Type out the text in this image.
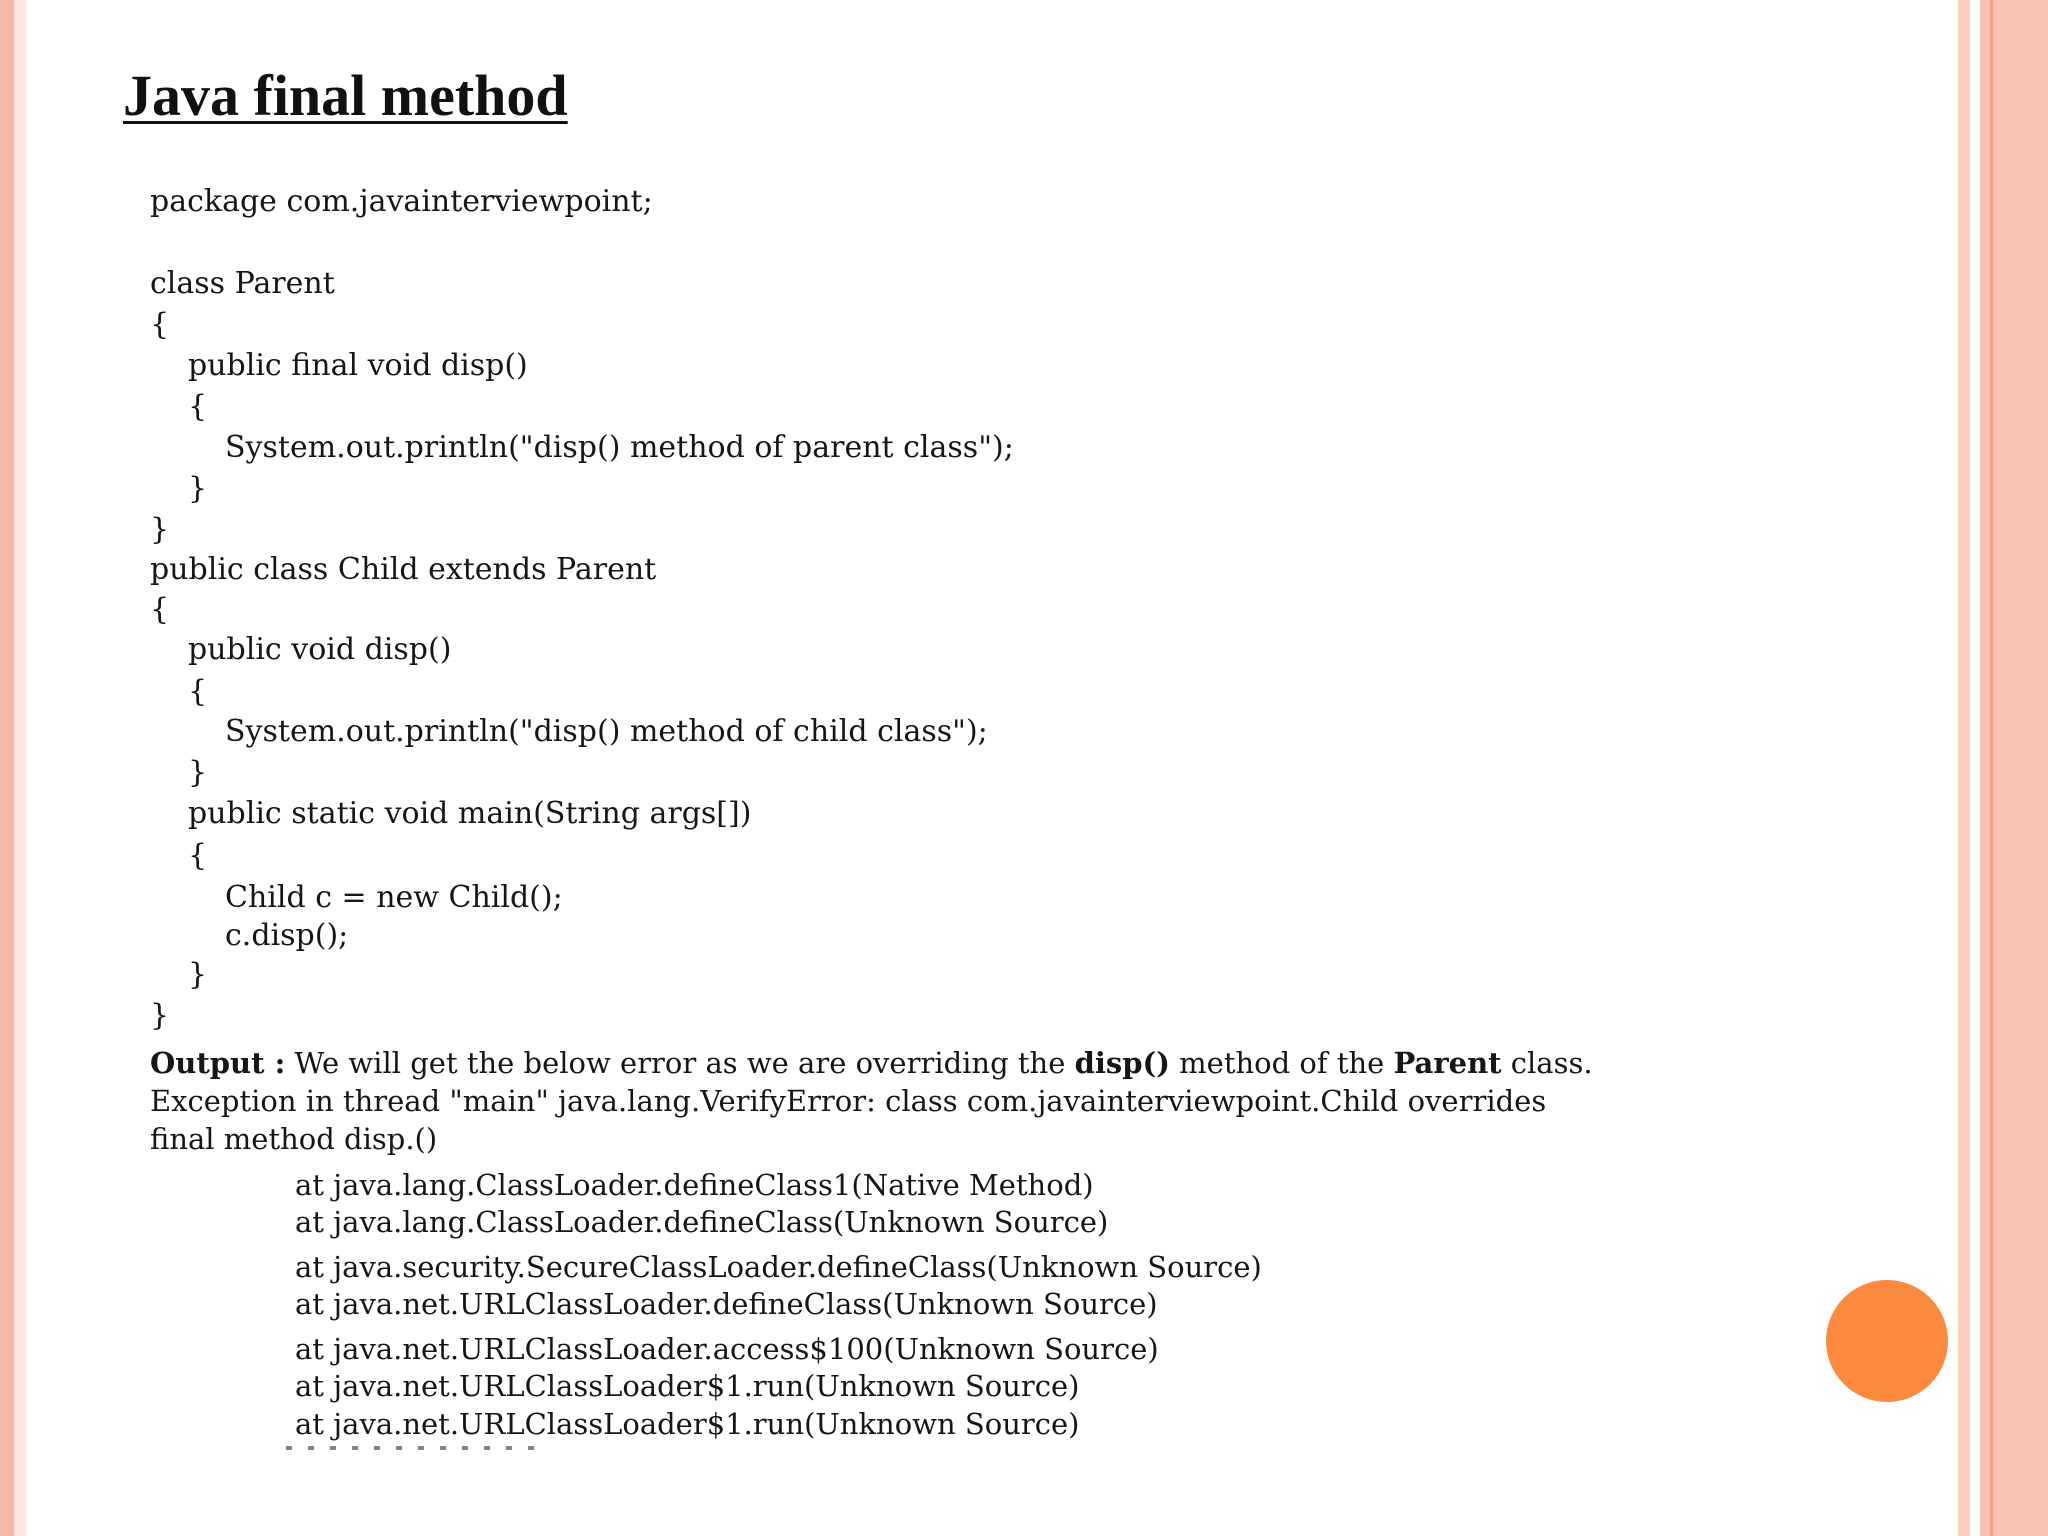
Java final method
package com.javainterviewpoint;
class Parent
{
public final void disp()
{
System.out.println("disp() method of parent class");
}
}
public class Child extends Parent
{
public void disp()
{
System.out.println("disp() method of child class");
}
public static void main(String args[])
{
Child c = new Child();
c.disp();
}
}
Output : We will get the below error as we are overriding the disp() method of the Parent class.
Exception in thread "main" java.lang.VerifyError: class com.javainterviewpoint.Child overrides
final method disp.()
at java.lang.ClassLoader.defineClass1(Native Method)
at java.lang.ClassLoader.defineClass(Unknown Source)
at java.security.SecureClassLoader.defineClass(Unknown Source)
at java.net.URLClassLoader.defineClass(Unknown Source)
at java.net.URLClassLoader.access$100(Unknown Source)
at java.net.URLClassLoader$1.run(Unknown Source)
at java.net.URLClassLoader$1.run(Unknown Source)
